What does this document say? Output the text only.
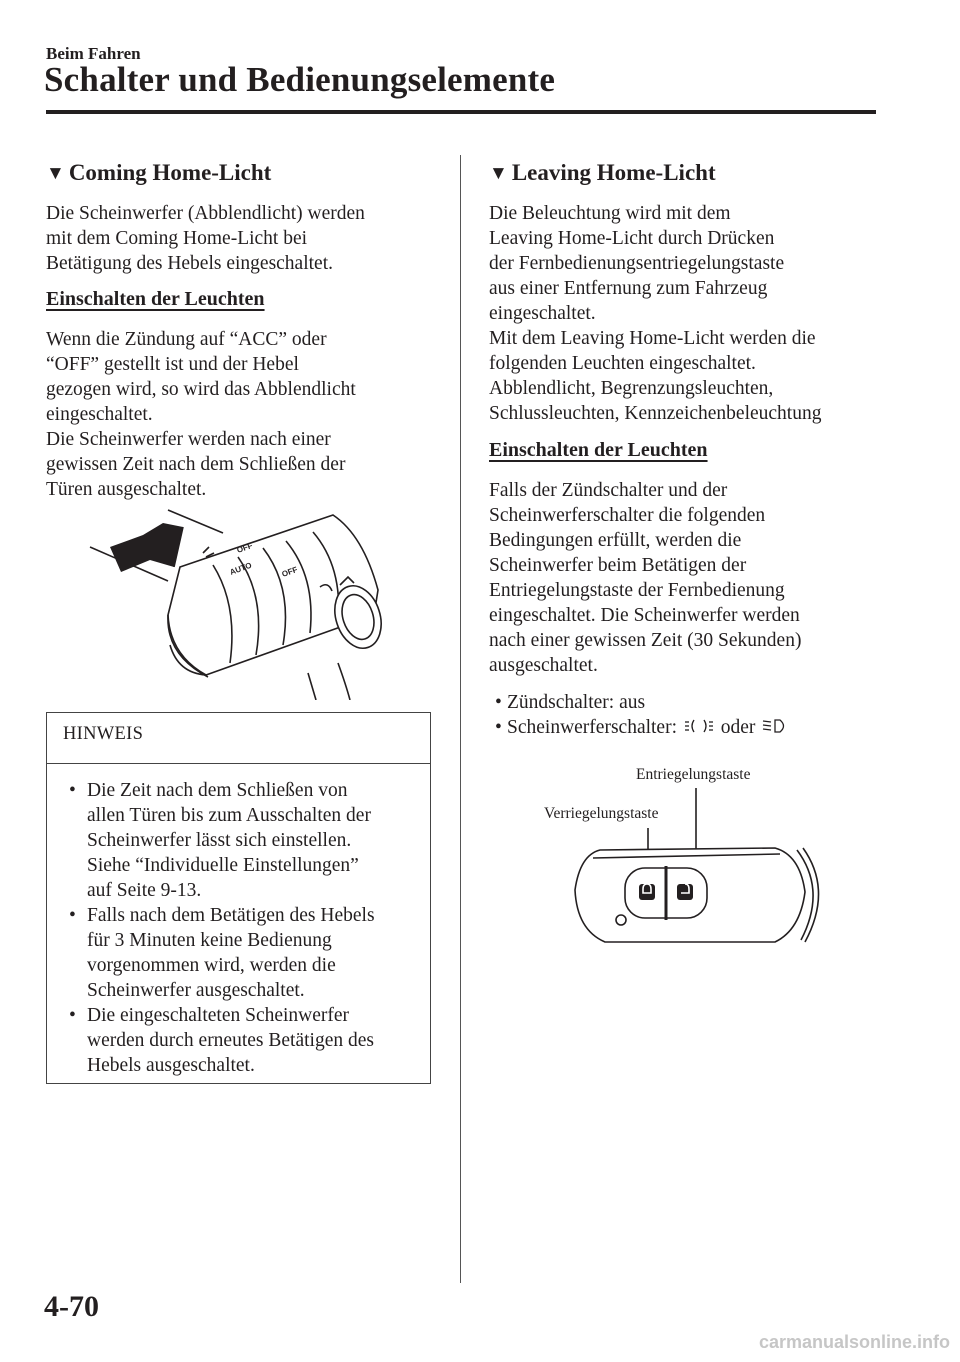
Beim Fahren
Schalter und Bedienungselemente
▼ Coming Home-Licht
Die Scheinwerfer (Abblendlicht) werden
mit dem Coming Home-Licht bei
Betätigung des Hebels eingeschaltet.
Einschalten der Leuchten
Wenn die Zündung auf “ACC” oder
“OFF” gestellt ist und der Hebel
gezogen wird, so wird das Abblendlicht
eingeschaltet.
Die Scheinwerfer werden nach einer
gewissen Zeit nach dem Schließen der
Türen ausgeschaltet.
OFF
AUTO	OFF
HINWEIS
• Die Zeit nach dem Schließen von
allen Türen bis zum Ausschalten der
Scheinwerfer lässt sich einstellen.
Siehe “Individuelle Einstellungen”
auf Seite 9-13.
• Falls nach dem Betätigen des Hebels
für 3 Minuten keine Bedienung
vorgenommen wird, werden die
Scheinwerfer ausgeschaltet.
• Die eingeschalteten Scheinwerfer
werden durch erneutes Betätigen des
Hebels ausgeschaltet.
▼ Leaving Home-Licht
Die Beleuchtung wird mit dem
Leaving Home-Licht durch Drücken
der Fernbedienungsentriegelungstaste
aus einer Entfernung zum Fahrzeug
eingeschaltet.
Mit dem Leaving Home-Licht werden die
folgenden Leuchten eingeschaltet.
Abblendlicht, Begrenzungsleuchten,
Schlussleuchten, Kennzeichenbeleuchtung
Einschalten der Leuchten
Falls der Zündschalter und der
Scheinwerferschalter die folgenden
Bedingungen erfüllt, werden die
Scheinwerfer beim Betätigen der
Entriegelungstaste der Fernbedienung
eingeschaltet. Die Scheinwerfer werden
nach einer gewissen Zeit (30 Sekunden)
ausgeschaltet.
• Zündschalter: aus
• Scheinwerferschalter: oder
Entriegelungstaste
Verriegelungstaste
4-70
carmanualsonline.info
